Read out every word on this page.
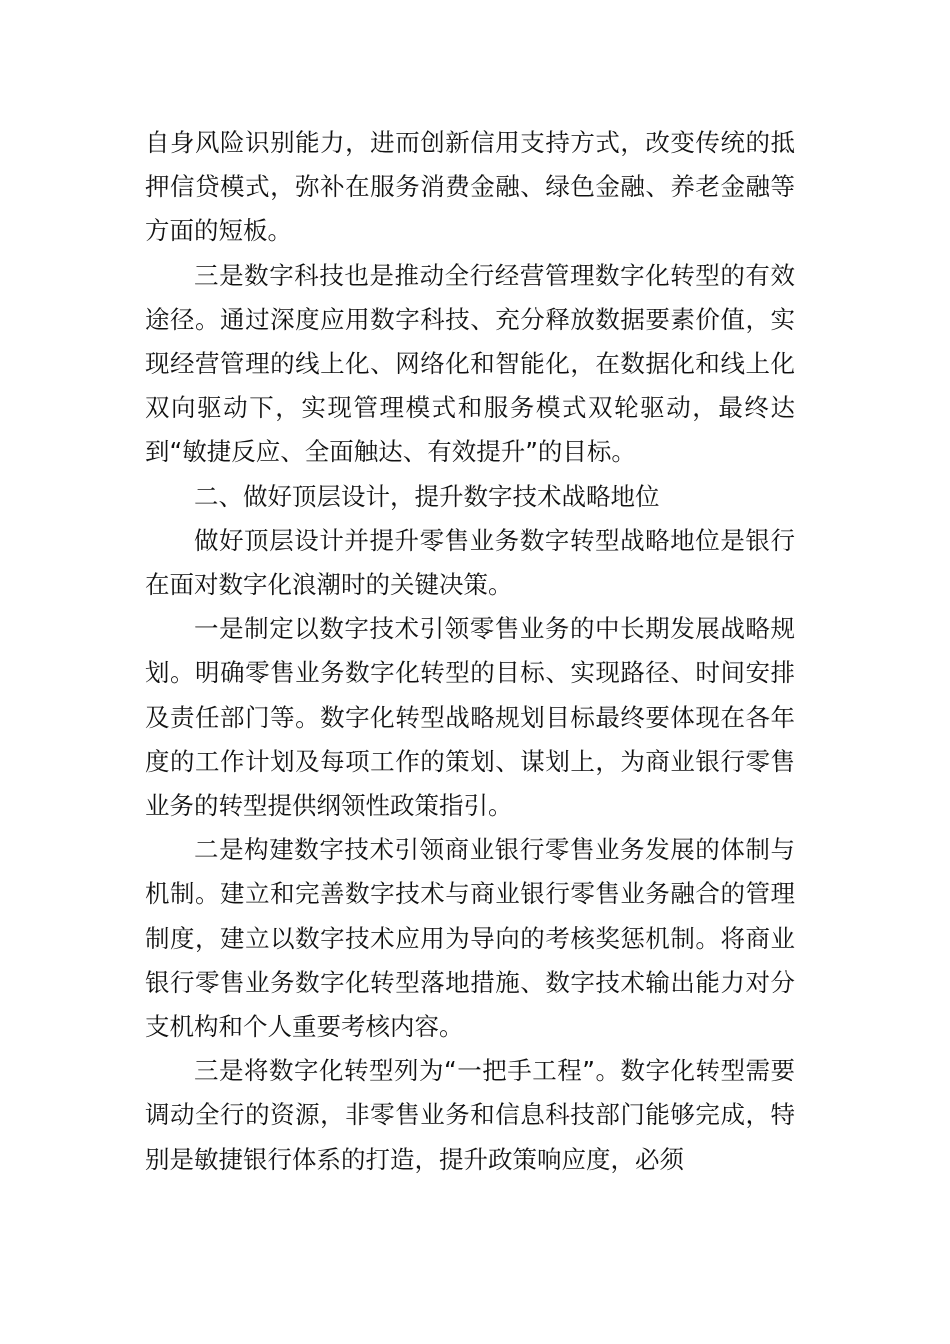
自身风险识别能力，进而创新信用支持方式，改变传统的抵押信贷模式，弥补在服务消费金融、绿色金融、养老金融等方面的短板。

三是数字科技也是推动全行经营管理数字化转型的有效途径。通过深度应用数字科技、充分释放数据要素价值，实现经营管理的线上化、网络化和智能化，在数据化和线上化双向驱动下，实现管理模式和服务模式双轮驱动，最终达到“敏捷反应、全面触达、有效提升”的目标。

二、做好顶层设计，提升数字技术战略地位

做好顶层设计并提升零售业务数字转型战略地位是银行在面对数字化浪潮时的关键决策。

一是制定以数字技术引领零售业务的中长期发展战略规划。明确零售业务数字化转型的目标、实现路径、时间安排及责任部门等。数字化转型战略规划目标最终要体现在各年度的工作计划及每项工作的策划、谋划上，为商业银行零售业务的转型提供纲领性政策指引。

二是构建数字技术引领商业银行零售业务发展的体制与机制。建立和完善数字技术与商业银行零售业务融合的管理制度，建立以数字技术应用为导向的考核奖惩机制。将商业银行零售业务数字化转型落地措施、数字技术输出能力对分支机构和个人重要考核内容。

三是将数字化转型列为“一把手工程”。数字化转型需要调动全行的资源，非零售业务和信息科技部门能够完成，特别是敏捷银行体系的打造，提升政策响应度，必须
